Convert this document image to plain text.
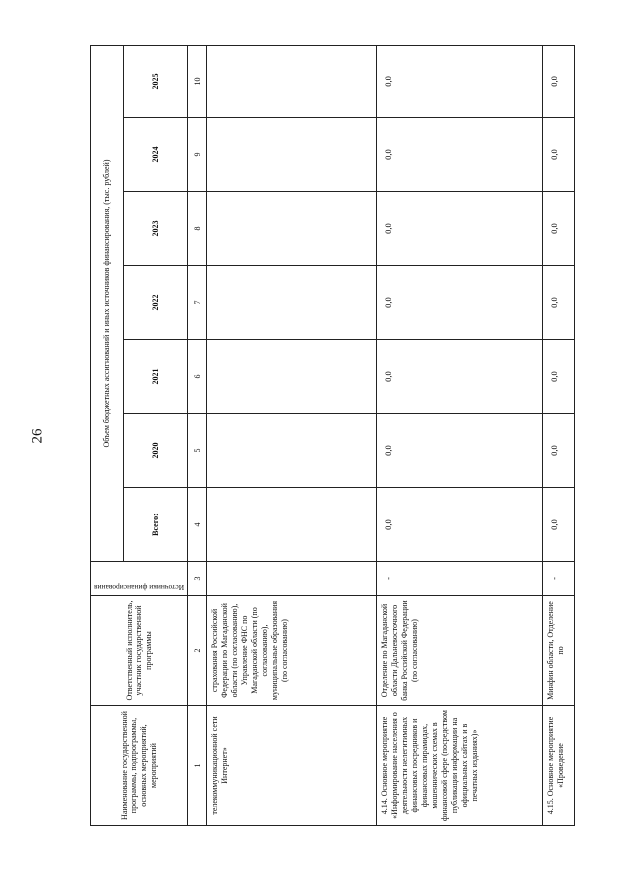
26
Наименование государственной программы, подпрограммы, основных мероприятий, мероприятий	Ответственный исполнитель, участник государственной программы	Источники финансирования	Объем бюджетных ассигнований и иных источников финансирования, (тыс. рублей)						
			Всего:	2020	2021	2022	2023	2024	2025
1	2	3	4	5	6	7	8	9	10
телекоммуникационной сети Интернет»	страхования Российской Федерации по Магаданской области (по согласованию), Управление ФНС по Магаданской области (по согласованию), муниципальные образования (по согласованию)								
4.14. Основное мероприятие «Информирование населения о деятельности нелегитимных финансовых посредников и финансовых пирамидах, мошеннических схемах в финансовой сфере (посредством публикации информации на официальных сайтах и в печатных изданиях)»	Отделение по Магаданской области Дальневосточного банка Российской Федерации (по согласованию)	-	0,0	0,0	0,0	0,0	0,0	0,0	0,0
4.15. Основное мероприятие «Проведение	Минфин области, Отделение по	-	0,0	0,0	0,0	0,0	0,0	0,0	0,0
